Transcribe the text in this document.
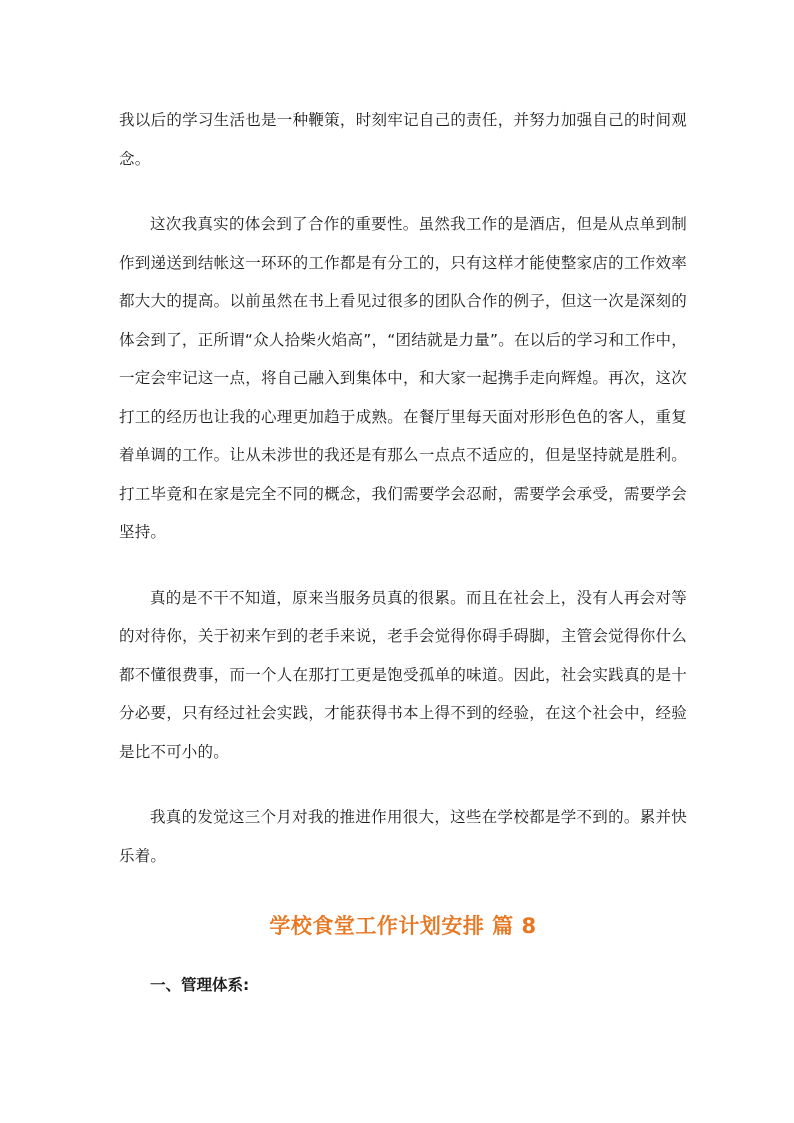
我以后的学习生活也是一种鞭策，时刻牢记自己的责任，并努力加强自己的时间观念。

这次我真实的体会到了合作的重要性。虽然我工作的是酒店，但是从点单到制作到递送到结帐这一环环的工作都是有分工的，只有这样才能使整家店的工作效率都大大的提高。以前虽然在书上看见过很多的团队合作的例子，但这一次是深刻的体会到了，正所谓“众人拾柴火焰高”，“团结就是力量”。在以后的学习和工作中，一定会牢记这一点，将自己融入到集体中，和大家一起携手走向辉煌。再次，这次打工的经历也让我的心理更加趋于成熟。在餐厅里每天面对形形色色的客人，重复着单调的工作。让从未涉世的我还是有那么一点点不适应的，但是坚持就是胜利。打工毕竟和在家是完全不同的概念，我们需要学会忍耐，需要学会承受，需要学会坚持。

真的是不干不知道，原来当服务员真的很累。而且在社会上，没有人再会对等的对待你，关于初来乍到的老手来说，老手会觉得你碍手碍脚，主管会觉得你什么都不懂很费事，而一个人在那打工更是饱受孤单的味道。因此，社会实践真的是十分必要，只有经过社会实践，才能获得书本上得不到的经验，在这个社会中，经验是比不可小的。

我真的发觉这三个月对我的推进作用很大，这些在学校都是学不到的。累并快乐着。

学校食堂工作计划安排 篇 8

一、管理体系:
